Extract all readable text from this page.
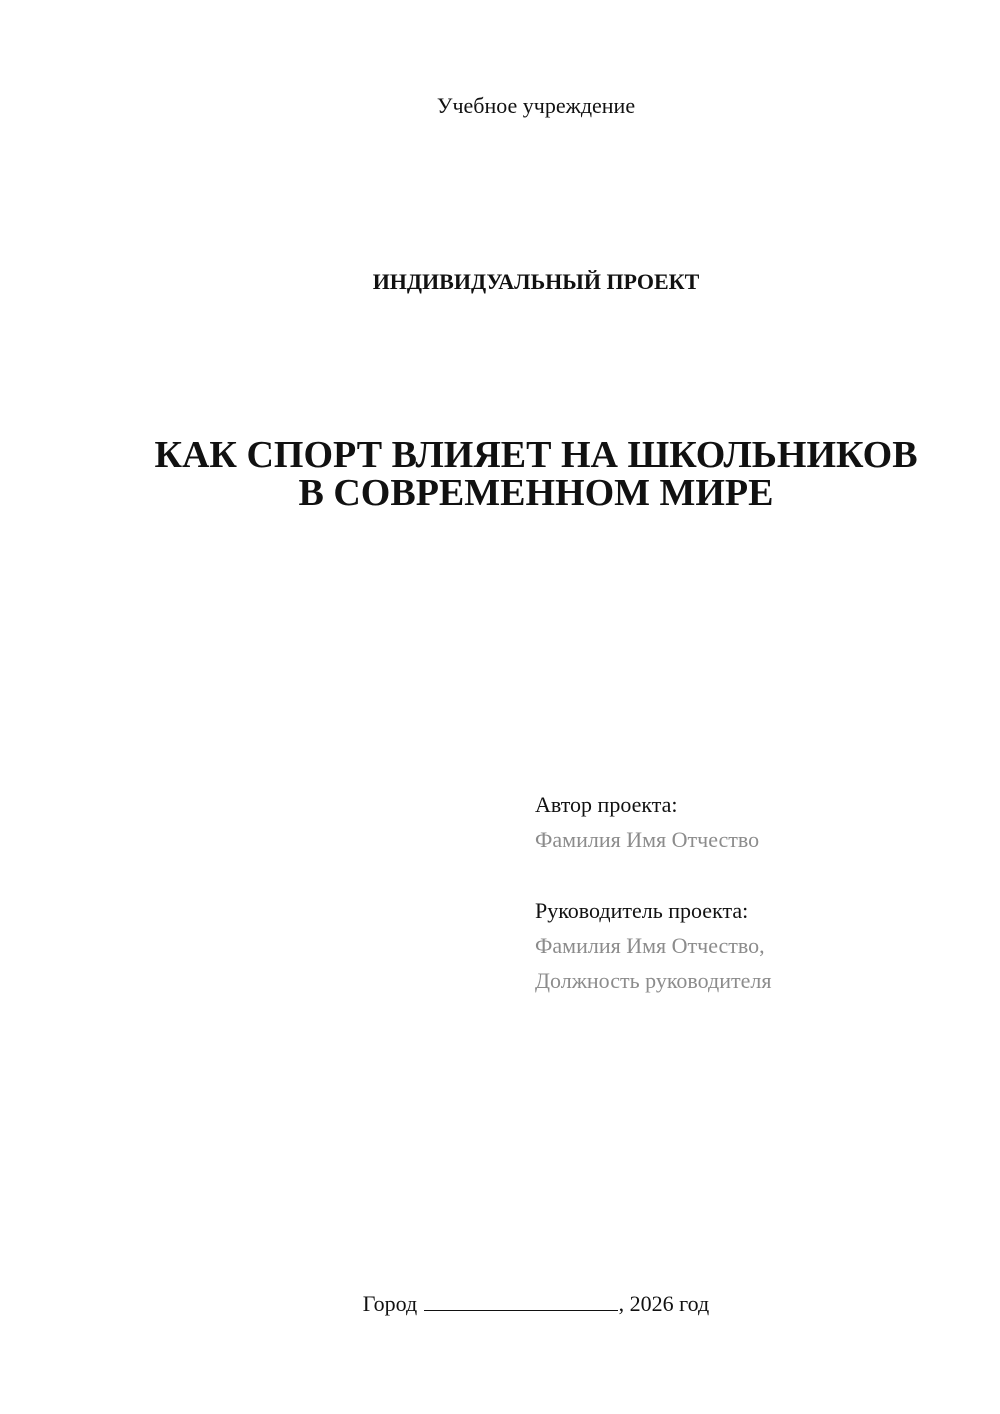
Учебное учреждение
ИНДИВИДУАЛЬНЫЙ ПРОЕКТ
КАК СПОРТ ВЛИЯЕТ НА ШКОЛЬНИКОВ
В СОВРЕМЕННОМ МИРЕ
Автор проекта:
Фамилия Имя Отчество
Руководитель проекта:
Фамилия Имя Отчество,
Должность руководителя
Город	, 2026 год
